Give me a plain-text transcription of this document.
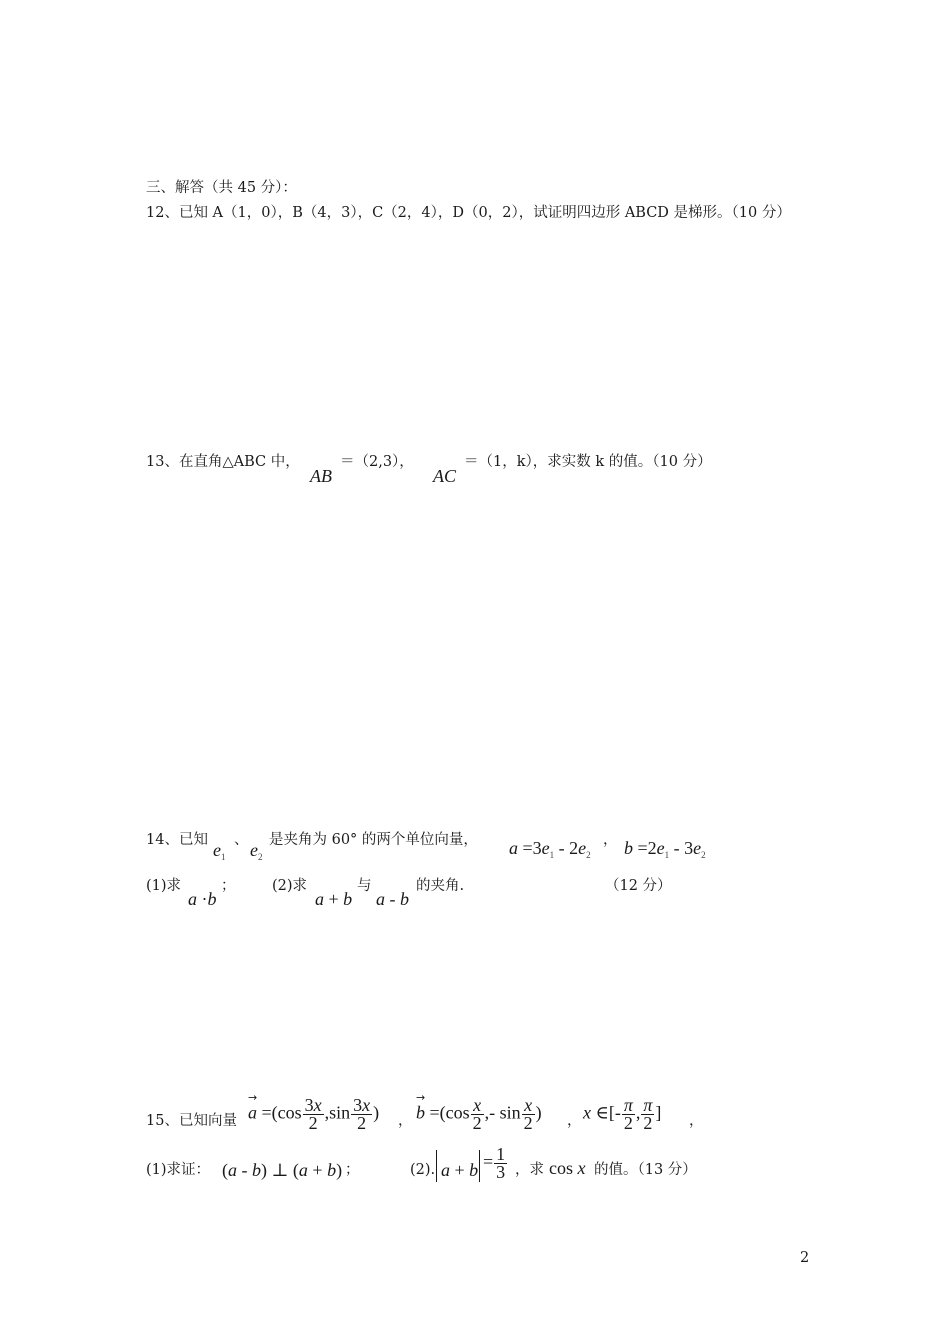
三、解答（共 45 分）：
12、已知 A（1，0），B（4，3），C（2，4），D（0，2），试证明四边形 ABCD 是梯形。（10 分）
13、在直角△ABC 中，
AB
＝（2,3），
AC
＝（1，k），求实数 k 的值。（10 分）
14、已知 $e_1$
、 $e_2$
是夹角为 60° 的两个单位向量， $a =3e_1 - 2e_2$
， $b =2e_1 - 3e_2$
(1)求
a ·b
；	(2)求
a + b
与
a - b
的夹角.	（12 分）
15、已知向量
→
$a =(\cos \frac{3x}{2} ,\sin \frac{3x}{2}$ ) ，
→
$b =(\cos \frac{x}{2}$ ,- $\sin \frac{x}{2}$ ) ， x ∈[- $\frac{\pi}{2}$ , $\frac{\pi}{2}$ ] ，
(1)求证： (a - b) ⊥ (a + b) ；	(2). $a + b = \frac{1}{3}$ ，求 cos x 的值。（13 分）
2
